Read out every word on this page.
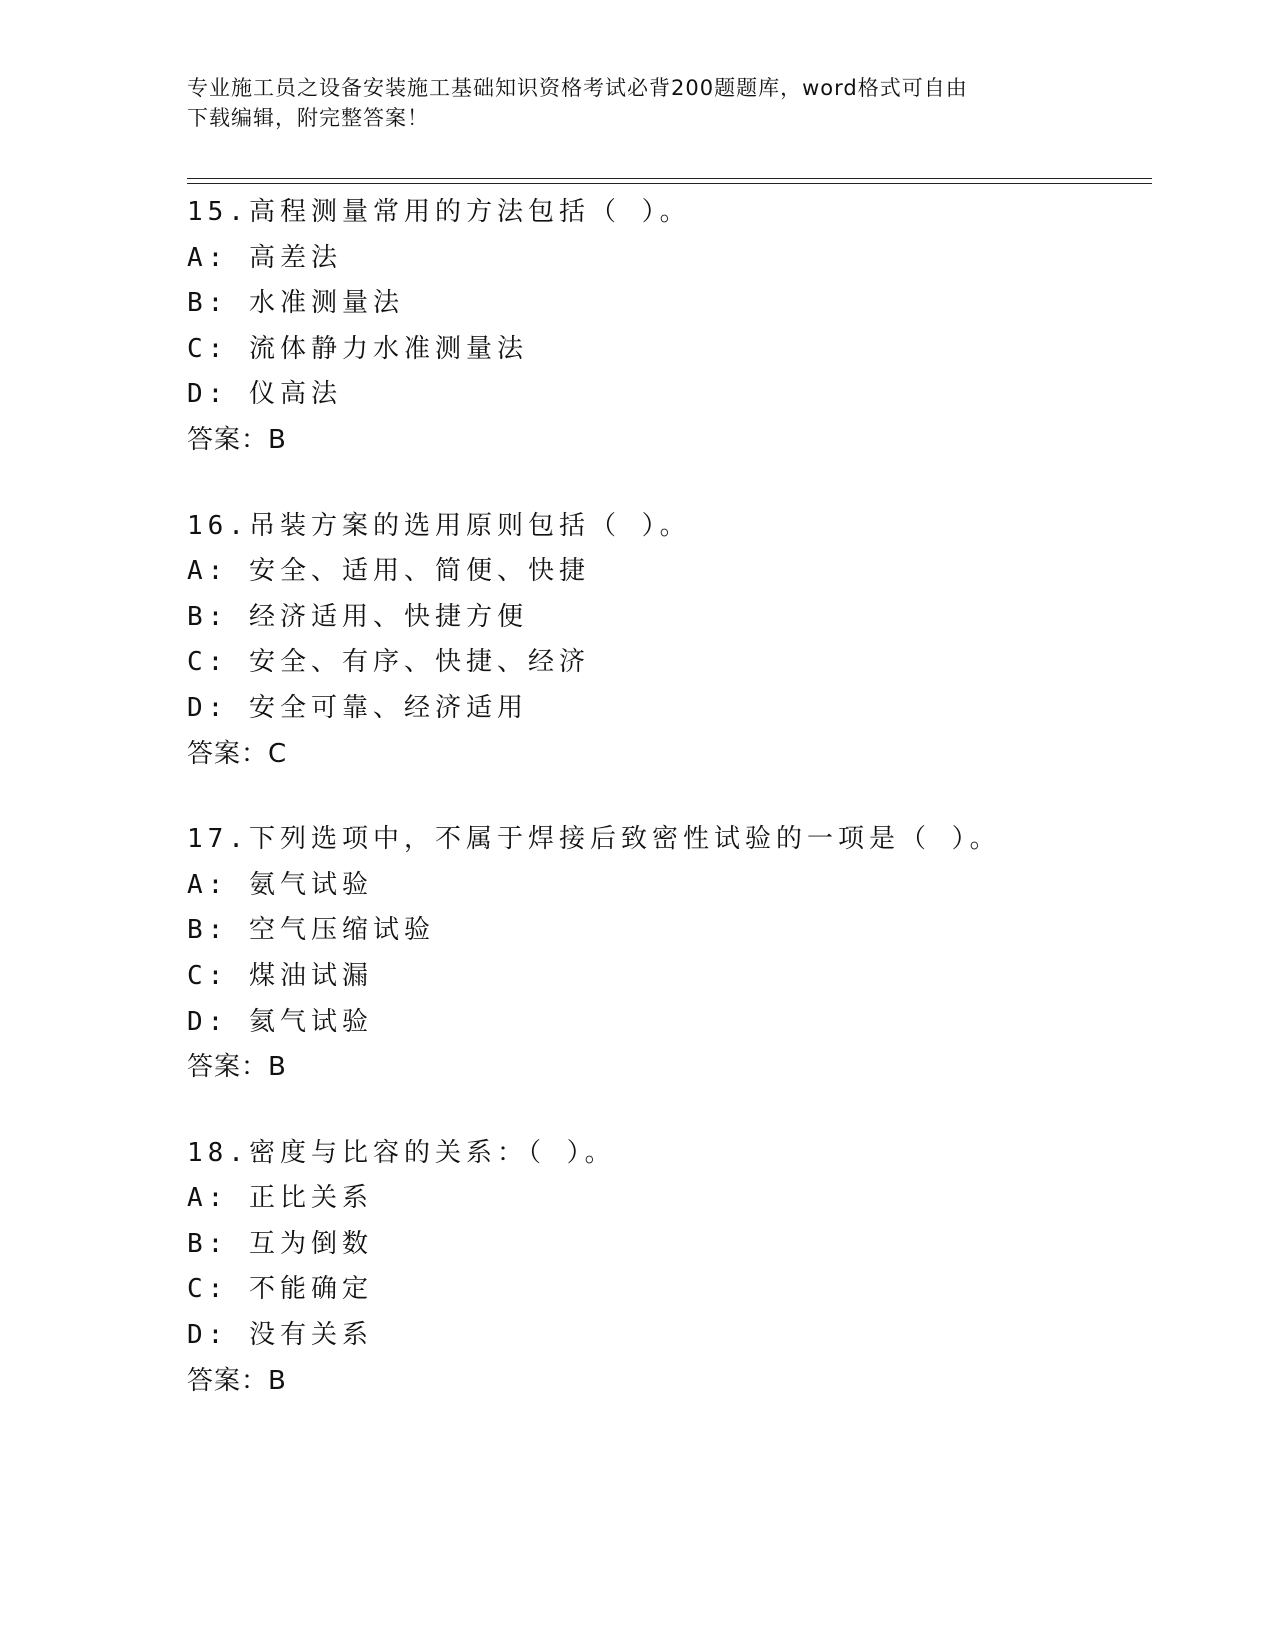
专业施工员之设备安装施工基础知识资格考试必背200题题库，word格式可自由
下载编辑，附完整答案！
15.高程测量常用的方法包括（ ）。
A: 高差法
B: 水准测量法
C: 流体静力水准测量法
D: 仪高法
答案：B
16.吊装方案的选用原则包括（ ）。
A: 安全、适用、简便、快捷
B: 经济适用、快捷方便
C: 安全、有序、快捷、经济
D: 安全可靠、经济适用
答案：C
17.下列选项中，不属于焊接后致密性试验的一项是（ ）。
A: 氨气试验
B: 空气压缩试验
C: 煤油试漏
D: 氦气试验
答案：B
18.密度与比容的关系：（ ）。
A: 正比关系
B: 互为倒数
C: 不能确定
D: 没有关系
答案：B
